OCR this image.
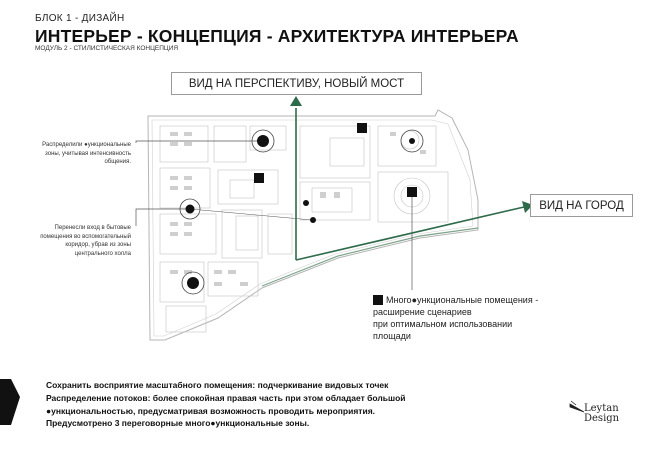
БЛОК 1 - ДИЗАЙН
ИНТЕРЬЕР - КОНЦЕПЦИЯ - АРХИТЕКТУРА ИНТЕРЬЕРА
МОДУЛЬ 2 - СТИЛИСТИЧЕСКАЯ КОНЦЕПЦИЯ
ВИД НА ПЕРСПЕКТИВУ, НОВЫЙ МОСТ
ВИД НА ГОРОД
Распределили ●ункциональные
зоны, учитывая интенсивность
общения.
Перенесли вход в бытовые
помещения во вспомогательный
коридор, убрав из зоны
центрального холла
Много●ункциональные помещения -
расширение сценариев
при оптимальном использовании
площади
Сохранить восприятие масштабного помещения: подчеркивание видовых точек
Распределение потоков: более спокойная правая часть при этом обладает большой
●ункциональностью, предусматривая возможность проводить мероприятия.
Предусмотрено 3 переговорные много●ункциональные зоны.
Leytan
Design
